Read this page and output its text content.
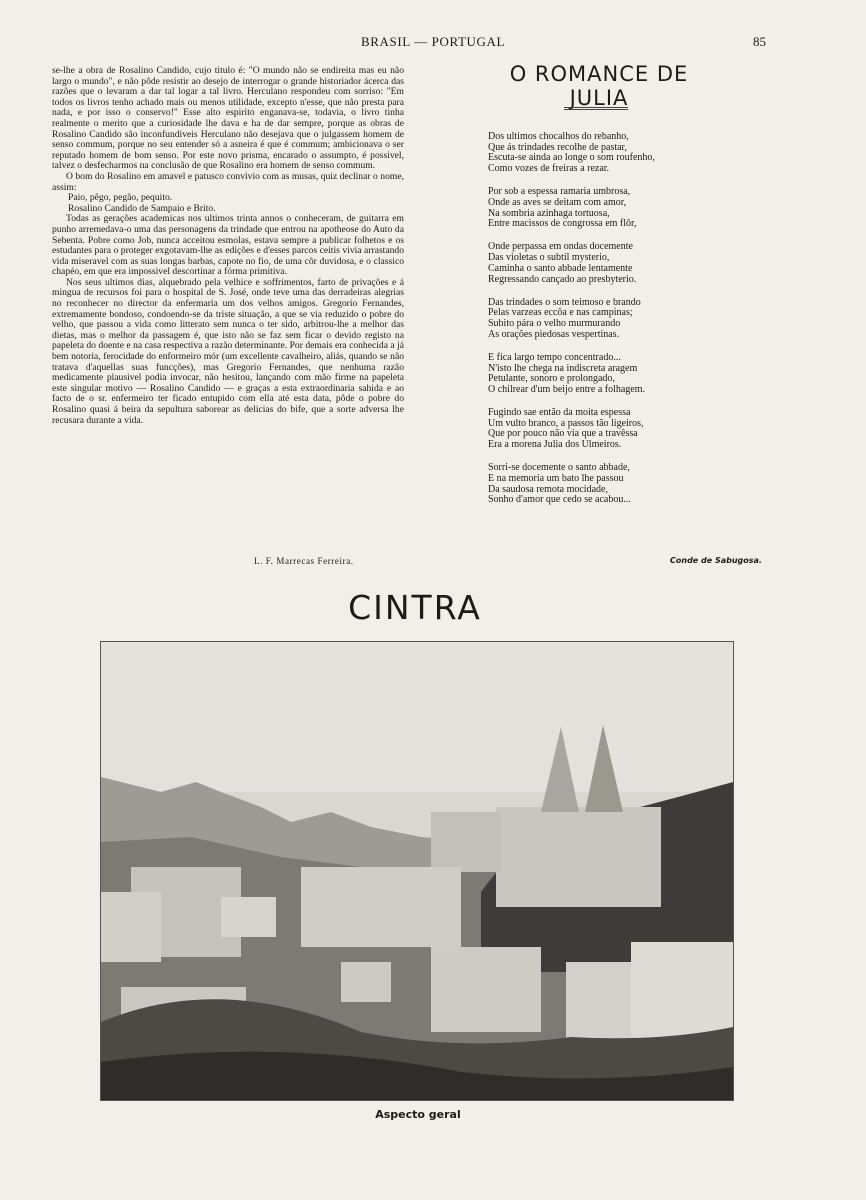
BRASIL — PORTUGAL	85

se-lhe a obra de Rosalino Candido, cujo titulo é: "O mundo não se endireita mas eu não largo o mundo", e não pôde resistir ao desejo de interrogar o grande historiador ácerca das razões que o levaram a dar tal logar a tal livro. Herculano respondeu com sorriso: "Em todos os livros tenho achado mais ou menos utilidade, excepto n'esse, que não presta para nada, e por isso o conservo!" Esse alto espirito enganava-se, todavia, o livro tinha realmente o merito que a curiosidade lhe dava e ha de dar sempre, porque as obras de Rosalino Candido são inconfundiveis Herculano não desejava que o julgassem homem de senso commum, porque no seu entender só a asneira é que é commum; ambicionava o ser reputado homem de bom senso. Por este novo prisma, encarado o assumpto, é possivel, talvez o desfecharmos na conclusão de que Rosalino era homem de senso commum.

O bom do Rosalino em amavel e patusco convivio com as musas, quiz declinar o nome, assim:

Paio, pêgo, pegão, pequito.

Rosalino Candido de Sampaio e Brito.

Todas as gerações academicas nos ultimos trinta annos o conheceram, de guitarra em punho arremedava-o uma das personagens da trindade que entrou na apotheose do Auto da Sebenta. Pobre como Job, nunca acceitou esmolas, estava sempre a publicar folhetos e os estudantes para o proteger exgotavam-lhe as edições e d'esses parcos ceitis vivia arrastando vida miseravel com as suas longas barbas, capote no fio, de uma côr duvidosa, e o classico chapéo, em que era impossivel descortinar a fórma primitiva.

Nos seus ultimos dias, alquebrado pela velhice e soffrimentos, farto de privações e á mingua de recursos foi para o hospital de S. José, onde teve uma das derradeiras alegrias no reconhecer no director da enfermaria um dos velhos amigos. Gregorio Fernandes, extremamente bondoso, condoendo-se da triste situação, a que se via reduzido o pobre do velho, que passou a vida como litterato sem nunca o ter sido, arbitrou-lhe a melhor das dietas, mas o melhor da passagem é, que isto não se faz sem ficar o devido registo na papeleta do doente e na casa respectiva a razão determinante. Por demais era conhecida a já bem notoria, ferocidade do enformeiro mór (um excellente cavalheiro, aliás, quando se não tratava d'aquellas suas funcções), mas Gregorio Fernandes, que nenhuma razão medicamente plausivel podia invocar, não hesitou, lançando com mão firme na papeleta este singular motivo — Rosalino Candido — e graças a esta extraordinaria sahida e ao facto de o sr. enfermeiro ter ficado entupido com ella até esta data, pôde o pobre do Rosalino quasi á beira da sepultura saborear as delicias do bife, que a sorte adversa lhe recusara durante a vida.

L. F. Marrecas Ferreira.
O ROMANCE DE JULIA
Dos ultimos chocalhos do rebanho,
Que ás trindades recolhe de pastar,
Escuta-se ainda ao longe o som roufenho,
Como vozes de freiras a rezar.
Por sob a espessa ramaria umbrosa,
Onde as aves se deitam com amor,
Na sombria azinhaga tortuosa,
Entre macissos de congrossa em flôr,
Onde perpassa em ondas docemente
Das violetas o subtil mysterio,
Caminha o santo abbade lentamente
Regressando cançado ao presbyterio.
Das trindades o som teimoso e brando
Pelas varzeas eccôa e nas campinas;
Subito pára o velho murmurando
As orações piedosas vespertinas.
E fica largo tempo concentrado...
N'isto lhe chega na indiscreta aragem
Petulante, sonoro e prolongado,
O chilrear d'um beijo entre a folhagem.
Fugindo sae então da moita espessa
Um vulto branco, a passos tão ligeiros,
Que por pouco não via que a travêssa
Era a morena Julia dos Ulmeiros.
Sorri-se docemente o santo abbade,
E na memoria um bato lhe passou
Da saudosa remota mocidade,
Sonho d'amor que cedo se acabou...
Conde de Sabugosa.
CINTRA
Aspecto geral
